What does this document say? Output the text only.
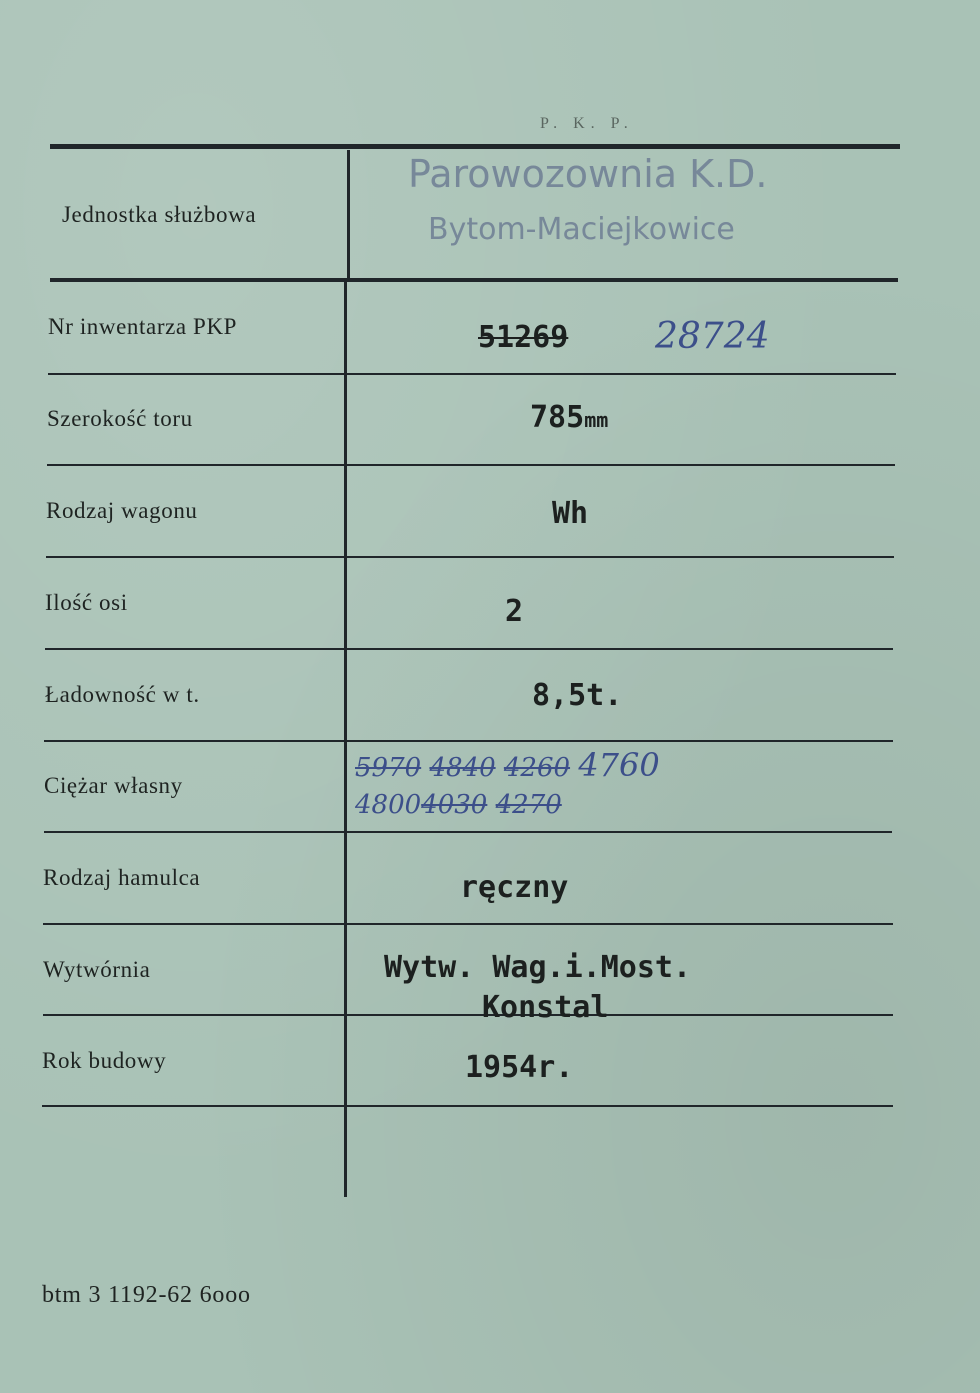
P. K. P.
Jednostka służbowa
Nr inwentarza PKP
Szerokość toru
Rodzaj wagonu
Ilość osi
Ładowność w t.
Ciężar własny
Rodzaj hamulca
Wytwórnia
Rok budowy
Parowozownia K.D.
Bytom-Maciejkowice
51269 28724
785mm
Wh
2
8,5t.
5970 4840 4260 4760
48004030 4270
ręczny
Wytw. Wag.i.Most.
Konstal
1954r.
btm 3 1192-62 6ooo
